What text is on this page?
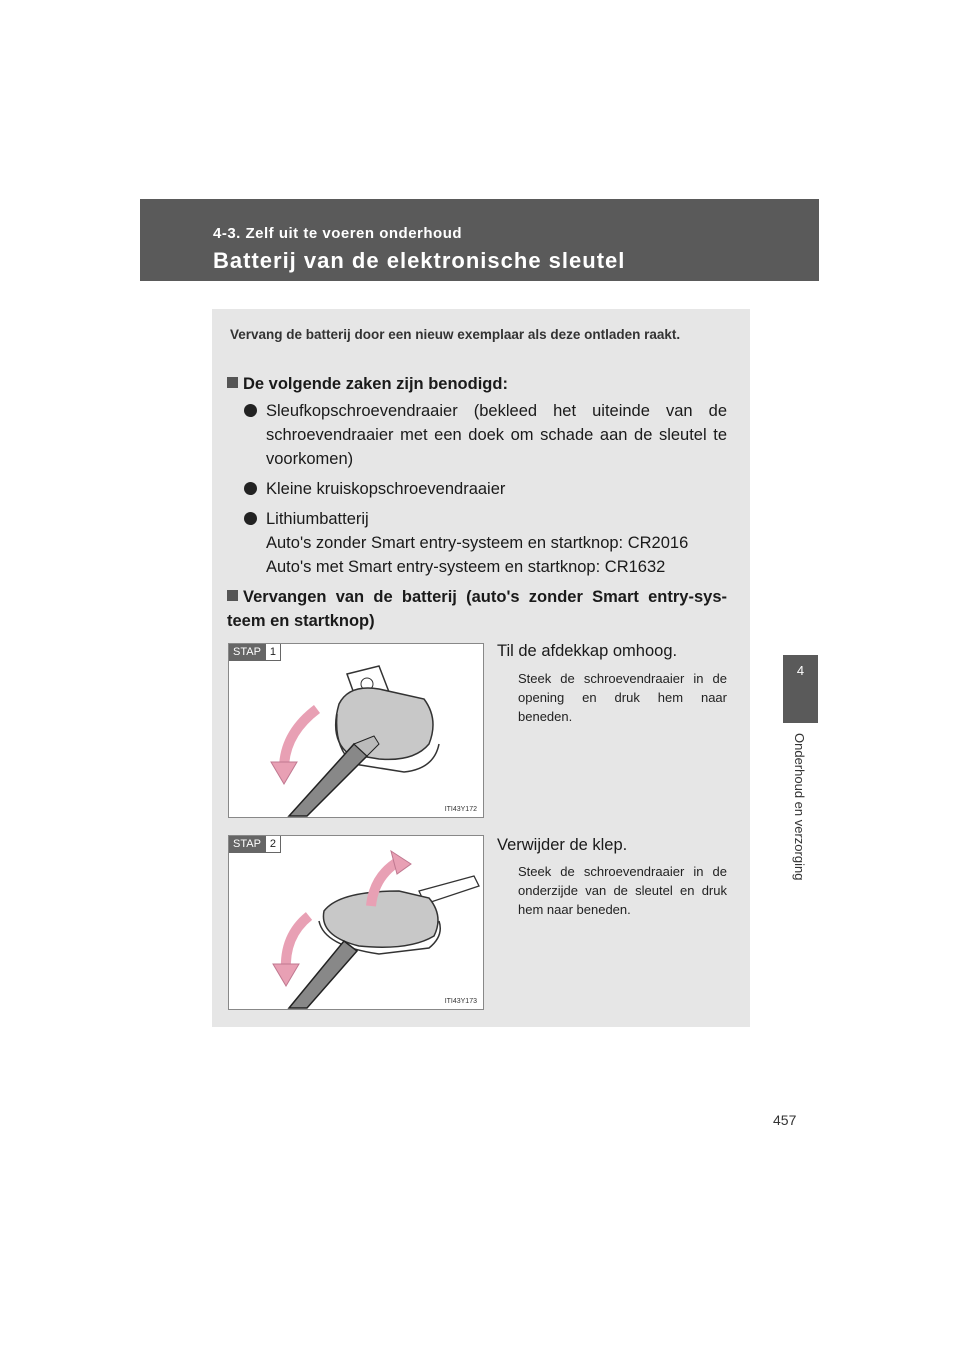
4-3. Zelf uit te voeren onderhoud
Batterij van de elektronische sleutel
4
Onderhoud en verzorging
Vervang de batterij door een nieuw exemplaar als deze ontladen raakt.
De volgende zaken zijn benodigd:
Sleufkopschroevendraaier (bekleed het uiteinde van de schroevendraaier met een doek om schade aan de sleutel te voorkomen)
Kleine kruiskopschroevendraaier
Lithiumbatterij
Auto's zonder Smart entry-systeem en startknop: CR2016
Auto's met Smart entry-systeem en startknop: CR1632
Vervangen van de batterij (auto's zonder Smart entry-sys-teem en startknop)
STAP 1
ITI43Y172
Til de afdekkap omhoog.
Steek de schroevendraaier in de opening en druk hem naar beneden.
STAP 2
ITI43Y173
Verwijder de klep.
Steek de schroevendraaier in de onderzijde van de sleutel en druk hem naar beneden.
457
